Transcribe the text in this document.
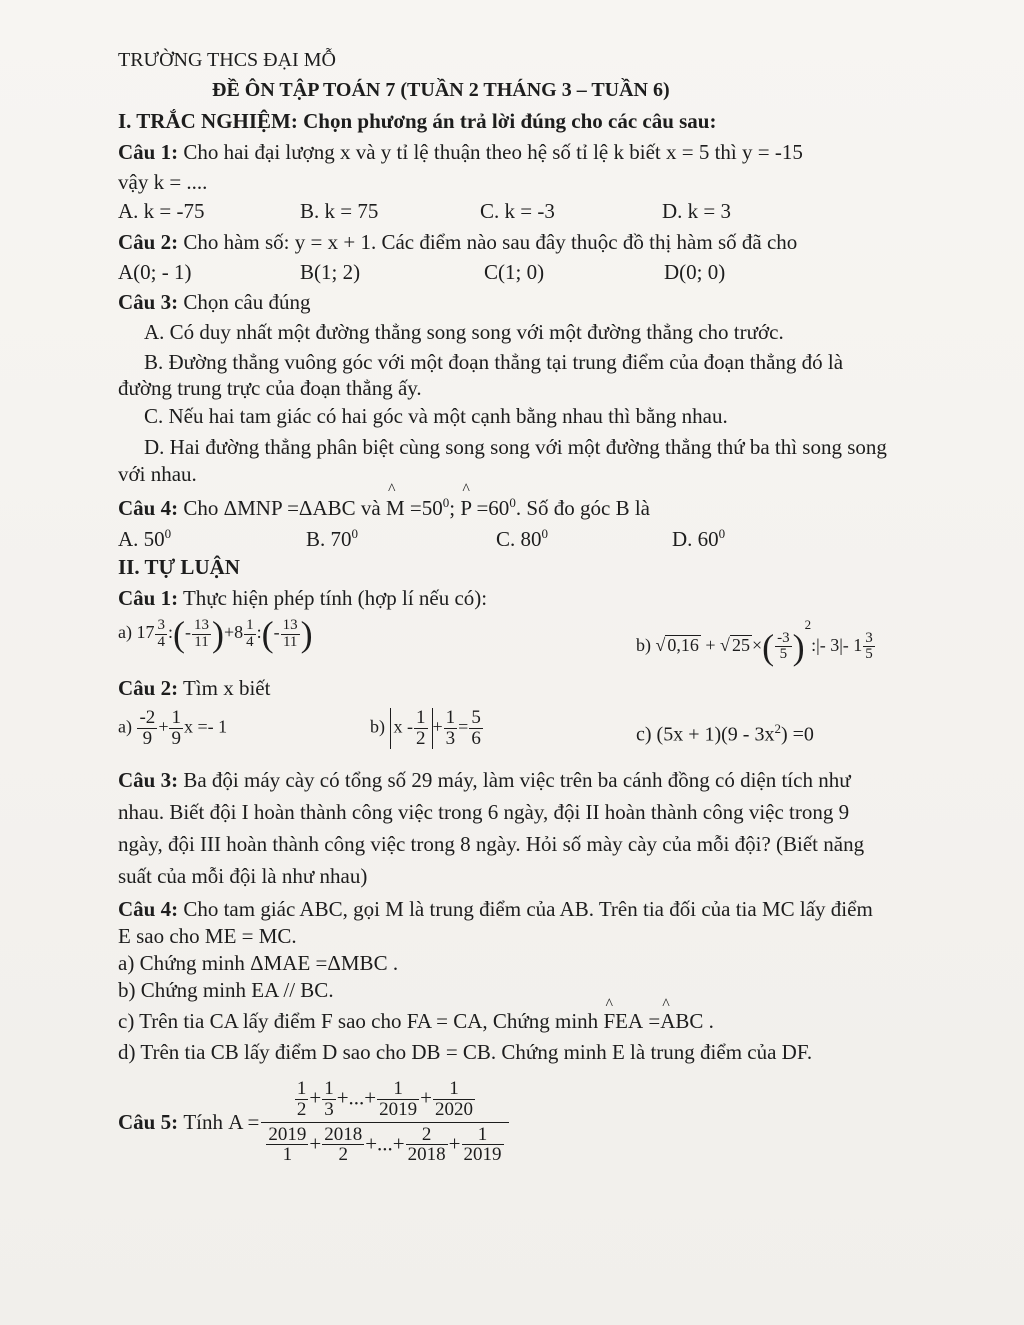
TRƯỜNG THCS ĐẠI MỖ
ĐỀ ÔN TẬP TOÁN 7 (TUẦN 2 THÁNG 3 – TUẦN 6)
I. TRẮC NGHIỆM: Chọn phương án trả lời đúng cho các câu sau:
Câu 1: Cho hai đại lượng x và y tỉ lệ thuận theo hệ số tỉ lệ k biết x = 5 thì y = -15
vậy k = ....
A. k = -75	B. k = 75	C. k = -3	D. k = 3
Câu 2: Cho hàm số: y = x + 1. Các điểm nào sau đây thuộc đồ thị hàm số đã cho
A(0; - 1)	B(1; 2)	C(1; 0)	D(0; 0)
Câu 3: Chọn câu đúng
A. Có duy nhất một đường thẳng song song với một đường thẳng cho trước.
B. Đường thẳng vuông góc với một đoạn thẳng tại trung điểm của đoạn thẳng đó là
đường trung trực của đoạn thẳng ấy.
C. Nếu hai tam giác có hai góc và một cạnh bằng nhau thì bằng nhau.
D. Hai đường thẳng phân biệt cùng song song với một đường thẳng thứ ba thì song song
với nhau.
Câu 4: Cho ΔMNP =ΔABC và ^ $M =50^0$; ^ $P =60^0$. Số đo góc B là
A. $50^0$	B. $70^0$	C. $80^0$	D. $60^0$
II. TỰ LUẬN
Câu 1: Thực hiện phép tính (hợp lí nếu có):
a) $17 \frac{3}{4}$ :(- $\frac{13}{11} )+8 \frac{1}{4}$ :(- $\frac{13}{11}$ )	b) √ 0,16 + √ 25 ×( $\frac{-3}{5}$ )$^2$:|- 3|- $1 \frac{3}{5}$
Câu 2: Tìm x biết
$a) \frac{-2}{9} + \frac{1}{9}$ x =- 1	b) $x - \frac{1}{2} + \frac{1}{3} = \frac{5}{6}$	c) $(5x + 1)(9 - 3x^2) =0$
Câu 3: Ba đội máy cày có tổng số 29 máy, làm việc trên ba cánh đồng có diện tích như
nhau. Biết đội I hoàn thành công việc trong 6 ngày, đội II hoàn thành công việc trong 9
ngày, đội III hoàn thành công việc trong 8 ngày. Hỏi số mày cày của mỗi đội? (Biết năng
suất của mỗi đội là như nhau)
Câu 4: Cho tam giác ABC, gọi M là trung điểm của AB. Trên tia đối của tia MC lấy điểm
E sao cho ME = MC.
a) Chứng minh ΔMAE =ΔMBC .
b) Chứng minh EA // BC.
c) Trên tia CA lấy điểm F sao cho FA = CA, Chứng minh ^ FEA =^ ABC .
d) Trên tia CB lấy điểm D sao cho DB = CB. Chứng minh E là trung điểm của DF.
Câu 5:
Tính
$A = \frac{\frac{1}{2} + \frac{1}{3} +...+ \frac{1}{2019} + \frac{1}{2020}}{\frac{2019}{1} + \frac{2018}{2} +...+ \frac{2}{2018} + \frac{1}{2019}}$
